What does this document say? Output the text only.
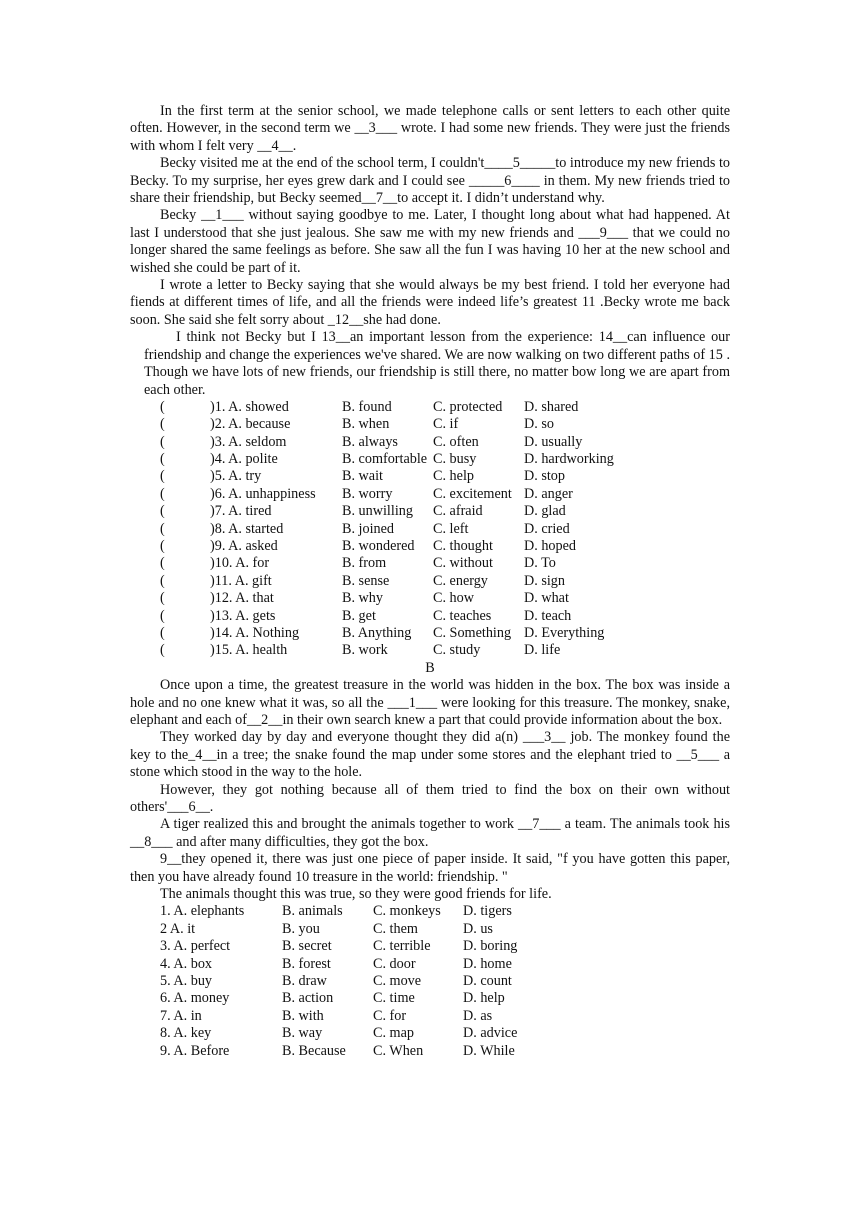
In the first term at the senior school, we made telephone calls or sent letters to each other quite often. However, in the second term we __3___ wrote. I had some new friends. They were just the friends with whom I felt very __4__.

Becky visited me at the end of the school term, I couldn't____5_____to introduce my new friends to Becky. To my surprise, her eyes grew dark and I could see _____6____ in them. My new friends tried to share their friendship, but Becky seemed__7__to accept it. I didn’t understand why.

Becky __1___ without saying goodbye to me. Later, I thought long about what had happened. At last I understood that she just jealous. She saw me with my new friends and ___9___ that we could no longer shared the same feelings as before. She saw all the fun I was having 10 her at the new school and wished she could be part of it.

I wrote a letter to Becky saying that she would always be my best friend. I told her everyone had fiends at different times of life, and all the friends were indeed life’s greatest 11 .Becky wrote me back soon. She said she felt sorry about _12__she had done.

I think not Becky but I 13__an important lesson from the experience: 14__can influence our friendship and change the experiences we've shared. We are now walking on two different paths of 15 . Though we have lots of new friends, our friendship is still there, no matter bow long we are apart from each other.

(	)1. A. showed	B. found	C. protected D. shared
(	)2. A. because	B. when	C. if	D. so
(	)3. A. seldom	B. always C. often	D. usually
(	)4. A. polite	B. comfortable C. busy	D. hardworking
(	)5. A. try	B. wait	C. help	D. stop
(	)6. A. unhappiness B. worry	C. excitement D. anger
(	)7. A. tired	B. unwilling C. afraid	D. glad
(	)8. A. started	B. joined	C. left	D. cried
(	)9. A. asked	B. wondered C. thought D. hoped
(	)10. A. for	B. from	C. without D. To
(	)11. A. gift	B. sense	C. energy	D. sign
(	)12. A. that	B. why	C. how	D. what
(	)13. A. gets	B. get	C. teaches D. teach
(	)14. A. Nothing	B. Anything C. Something D. Everything
(	)15. A. health	B. work	C. study	D. life

B

Once upon a time, the greatest treasure in the world was hidden in the box. The box was inside a hole and no one knew what it was, so all the ___1___ were looking for this treasure. The monkey, snake, elephant and each of__2__in their own search knew a part that could provide information about the box.

They worked day by day and everyone thought they did a(n) ___3__ job. The monkey found the key to the_4__in a tree; the snake found the map under some stores and the elephant tried to __5___ a stone which stood in the way to the hole.

However, they got nothing because all of them tried to find the box on their own without others'___6__.

A tiger realized this and brought the animals together to work __7___ a team. The animals took his __8___ and after many difficulties, they got the box.

9__they opened it, there was just one piece of paper inside. It said, "f you have gotten this paper, then you have already found 10 treasure in the world: friendship. "

The animals thought this was true, so they were good friends for life.

1. A. elephants	B. animals C. monkeys D. tigers
2 A. it	B. you	C. them	D. us
3. A. perfect	B. secret	C. terrible D. boring
4. A. box	B. forest	C. door	D. home
5. A. buy	B. draw	C. move	D. count
6. A. money	B. action	C. time	D. help
7. A. in	B. with	C. for	D. as
8. A. key	B. way	C. map	D. advice
9. A. Before	B. Because C. When	D. While
